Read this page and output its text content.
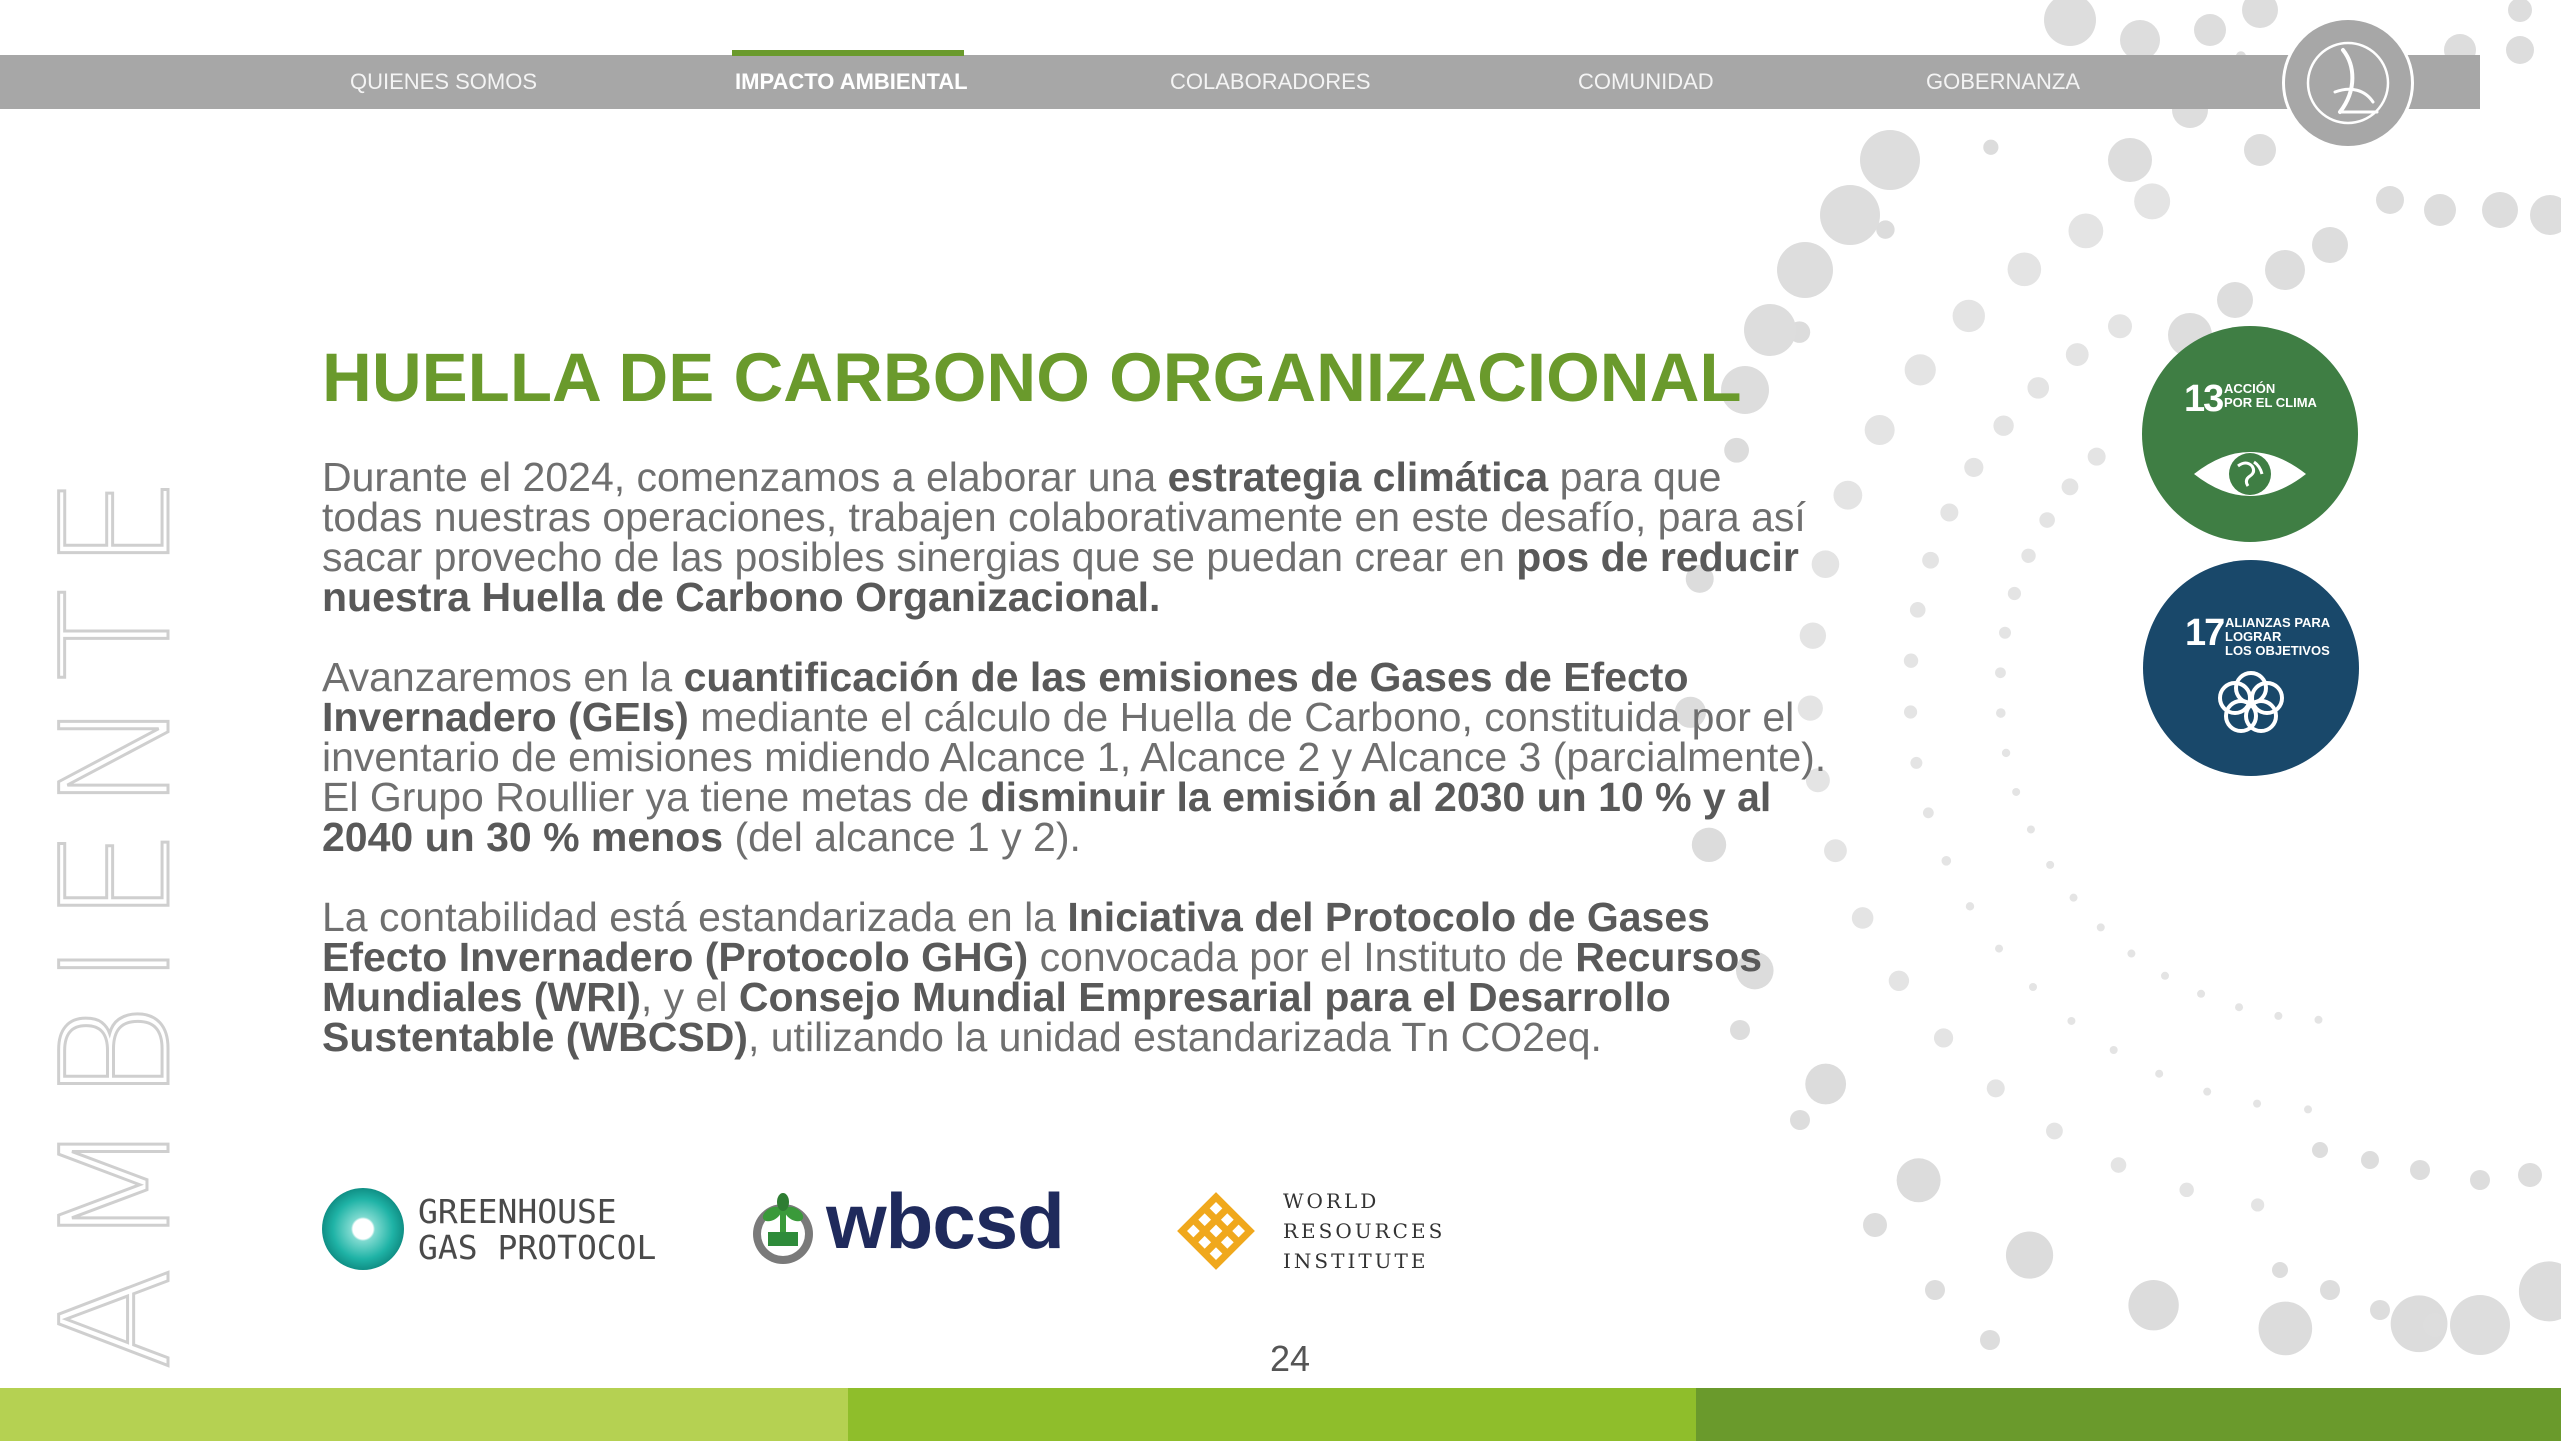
QUIENES SOMOS	IMPACTO AMBIENTAL	COLABORADORES	COMUNIDAD	GOBERNANZA
AMBIENTE
HUELLA DE CARBONO ORGANIZACIONAL

Durante el 2024, comenzamos a elaborar una estrategia climática para que todas nuestras operaciones, trabajen colaborativamente en este desafío, para así sacar provecho de las posibles sinergias que se puedan crear en pos de reducir nuestra Huella de Carbono Organizacional.

Avanzaremos en la cuantificación de las emisiones de Gases de Efecto Invernadero (GEIs) mediante el cálculo de Huella de Carbono, constituida por el inventario de emisiones midiendo Alcance 1, Alcance 2 y Alcance 3 (parcialmente). El Grupo Roullier ya tiene metas de disminuir la emisión al 2030 un 10 % y al 2040 un 30 % menos (del alcance 1 y 2).

La contabilidad está estandarizada en la Iniciativa del Protocolo de Gases Efecto Invernadero (Protocolo GHG) convocada por el Instituto de Recursos Mundiales (WRI), y el Consejo Mundial Empresarial para el Desarrollo Sustentable (WBCSD), utilizando la unidad estandarizada Tn CO2eq.

13 ACCIÓN
POR EL CLIMA
17 ALIANZAS PARA
LOGRAR
LOS OBJETIVOS
GREENHOUSE
GAS PROTOCOL wbcsd	WORLD
RESOURCES
INSTITUTE
24
